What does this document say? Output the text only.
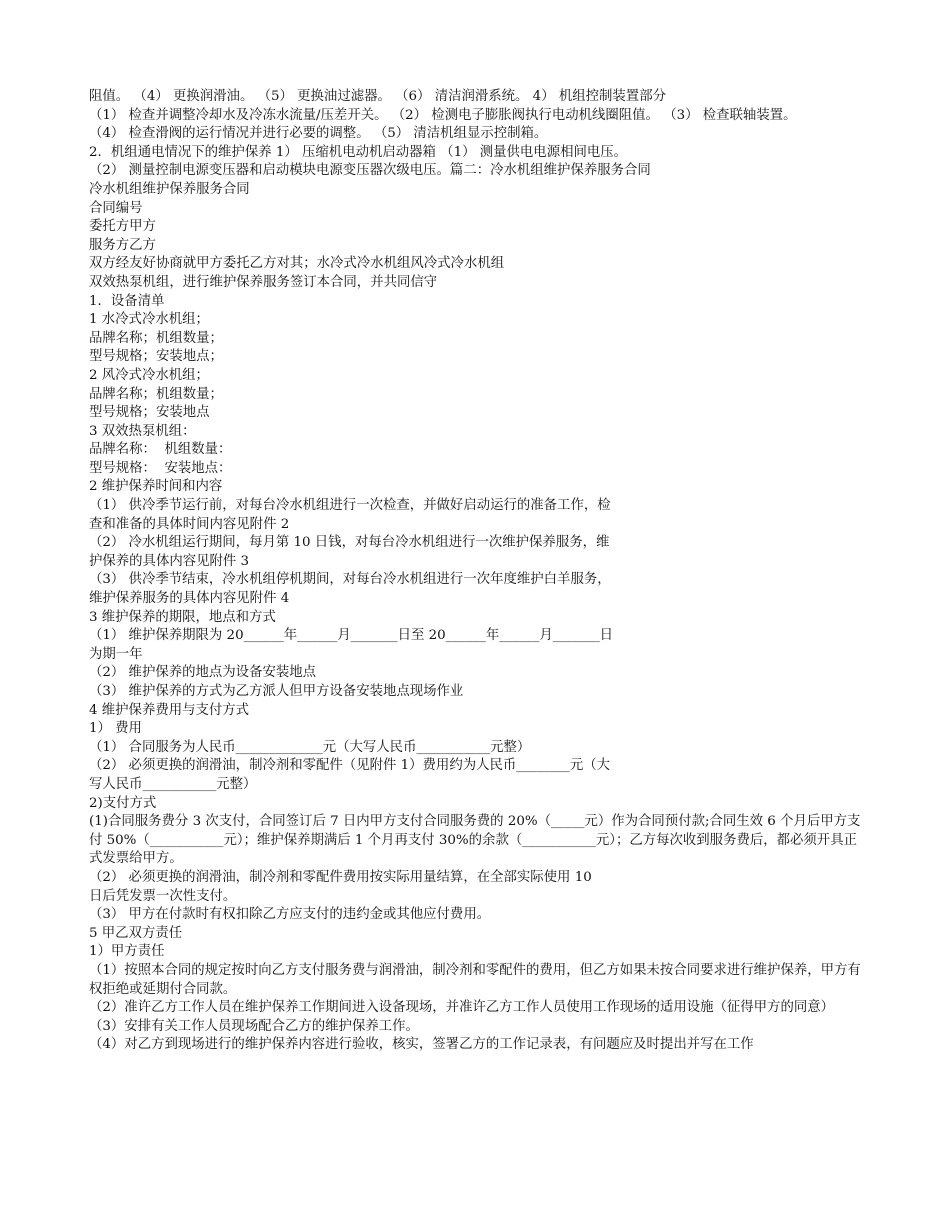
阻值。 （4） 更换润滑油。 （5） 更换油过滤器。 （6） 清洁润滑系统。 4） 机组控制装置部分

（1） 检查并调整冷却水及冷冻水流量/压差开关。 （2） 检测电子膨胀阀执行电动机线圈阻值。 （3） 检查联轴装置。

（4） 检查滑阀的运行情况并进行必要的调整。 （5） 清洁机组显示控制箱。

2．机组通电情况下的维护保养 1） 压缩机电动机启动器箱 （1） 测量供电电源相间电压。

（2） 测量控制电源变压器和启动模块电源变压器次级电压。篇二：冷水机组维护保养服务合同

冷水机组维护保养服务合同

合同编号

委托方甲方

服务方乙方

双方经友好协商就甲方委托乙方对其；水冷式冷水机组风冷式冷水机组

双效热泵机组，进行维护保养服务签订本合同，并共同信守

1．设备清单

1 水冷式冷水机组；

品牌名称；机组数量；

型号规格；安装地点；

2 风冷式冷水机组；

品牌名称；机组数量；

型号规格；安装地点

3 双效热泵机组：

品牌名称：  机组数量：

型号规格：  安装地点：

2 维护保养时间和内容

（1） 供冷季节运行前，对每台冷水机组进行一次检查，并做好启动运行的准备工作，检

查和准备的具体时间内容见附件 2

（2） 冷水机组运行期间，每月第 10 日钱，对每台冷水机组进行一次维护保养服务，维

护保养的具体内容见附件 3

（3） 供冷季节结束，冷水机组停机期间，对每台冷水机组进行一次年度维护白羊服务，

维护保养服务的具体内容见附件 4

3 维护保养的期限，地点和方式

（1） 维护保养期限为 20______年______月_______日至 20______年______月_______日

为期一年

（2） 维护保养的地点为设备安装地点

（3） 维护保养的方式为乙方派人但甲方设备安装地点现场作业

4 维护保养费用与支付方式

1） 费用

（1） 合同服务为人民币_____________元（大写人民币___________元整）

（2） 必须更换的润滑油，制冷剂和零配件（见附件 1）费用约为人民币________元（大

写人民币___________元整）

2)支付方式

(1)合同服务费分 3 次支付，合同签订后 7 日内甲方支付合同服务费的 20%（_____元）作为合同预付款;合同生效 6 个月后甲方支付 50%（___________元）；维护保养期满后 1 个月再支付 30%的余款（___________元）；乙方每次收到服务费后，都必须开具正式发票给甲方。

（2） 必须更换的润滑油，制冷剂和零配件费用按实际用量结算，在全部实际使用 10

日后凭发票一次性支付。

（3） 甲方在付款时有权扣除乙方应支付的违约金或其他应付费用。

5 甲乙双方责任

1）甲方责任

（1）按照本合同的规定按时向乙方支付服务费与润滑油，制冷剂和零配件的费用，但乙方如果未按合同要求进行维护保养，甲方有权拒绝或延期付合同款。

（2）准许乙方工作人员在维护保养工作期间进入设备现场，并准许乙方工作人员使用工作现场的适用设施（征得甲方的同意）

（3）安排有关工作人员现场配合乙方的维护保养工作。

（4）对乙方到现场进行的维护保养内容进行验收，核实，签署乙方的工作记录表，有问题应及时提出并写在工作
